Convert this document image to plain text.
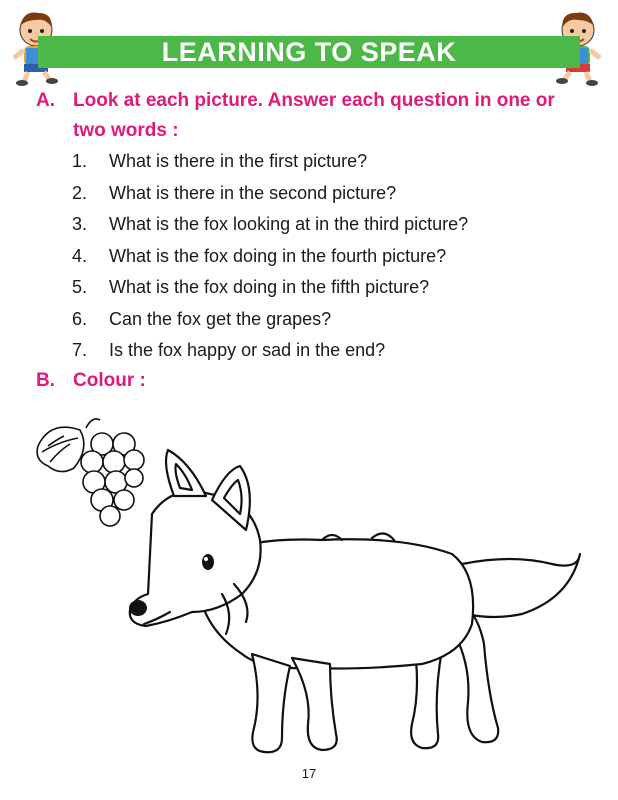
LEARNING TO SPEAK
A. Look at each picture. Answer each question in one or two words :
1. What is there in the first picture?
2. What is there in the second picture?
3. What is the fox looking at in the third picture?
4. What is the fox doing in the fourth picture?
5. What is the fox doing in the fifth picture?
6. Can the fox get the grapes?
7. Is the fox happy or sad in the end?
B. Colour :
17
